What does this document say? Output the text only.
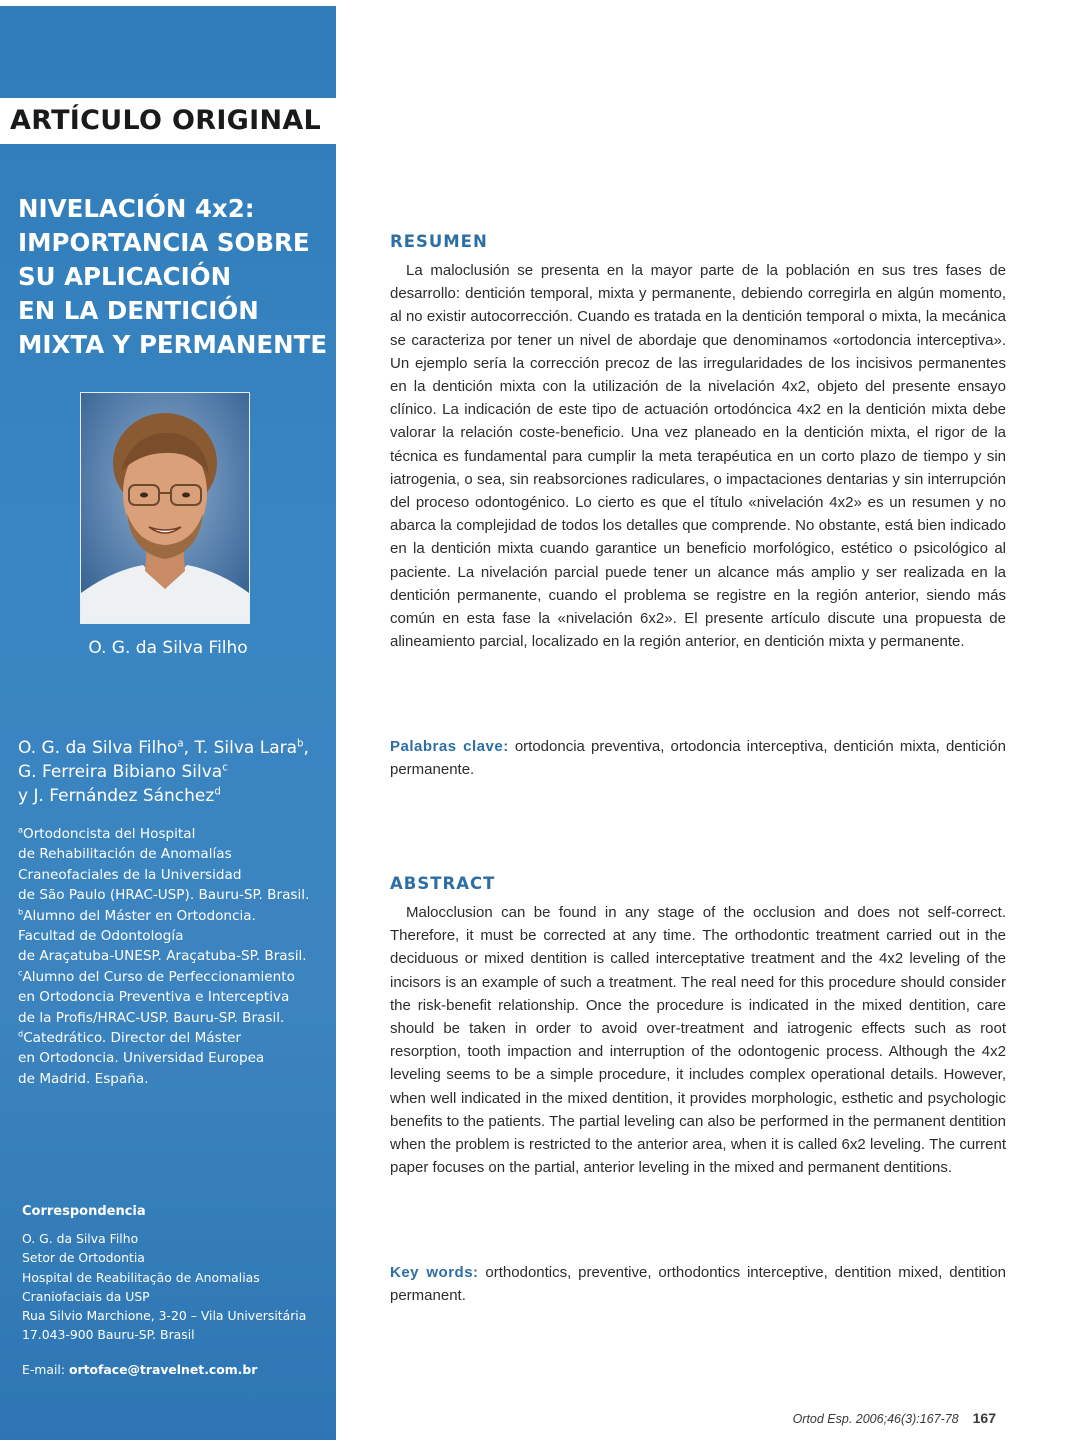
ARTÍCULO ORIGINAL
NIVELACIÓN 4x2:
IMPORTANCIA SOBRE
SU APLICACIÓN
EN LA DENTICIÓN
MIXTA Y PERMANENTE
O. G. da Silva Filho
O. G. da Silva Filho$^a$, T. Silva Lara$^b$,
G. Ferreira Bibiano Silva$^c$
y J. Fernández Sánchez$^d$
$^a$Ortodoncista del Hospital
de Rehabilitación de Anomalías
Craneofaciales de la Universidad
de São Paulo (HRAC-USP). Bauru-SP. Brasil.
$^b$Alumno del Máster en Ortodoncia.
Facultad de Odontología
de Araçatuba-UNESP. Araçatuba-SP. Brasil.
$^c$Alumno del Curso de Perfeccionamiento
en Ortodoncia Preventiva e Interceptiva
de la Profis/HRAC-USP. Bauru-SP. Brasil.
$^d$Catedrático. Director del Máster
en Ortodoncia. Universidad Europea
de Madrid. España.
Correspondencia
O. G. da Silva Filho
Setor de Ortodontia
Hospital de Reabilitação de Anomalias
Craniofaciais da USP
Rua Silvio Marchione, 3-20 – Vila Universitária
17.043-900 Bauru-SP. Brasil
E-mail: ortoface@travelnet.com.br
RESUMEN

La maloclusión se presenta en la mayor parte de la población en sus tres fases de desarrollo: dentición temporal, mixta y permanente, debiendo corregirla en algún momento, al no existir autocorrección. Cuando es tratada en la dentición temporal o mixta, la mecánica se caracteriza por tener un nivel de abordaje que denominamos «ortodoncia interceptiva». Un ejemplo sería la corrección precoz de las irregularidades de los incisivos permanentes en la dentición mixta con la utilización de la nivelación 4x2, objeto del presente ensayo clínico. La indicación de este tipo de actuación ortodóncica 4x2 en la dentición mixta debe valorar la relación coste-beneficio. Una vez planeado en la dentición mixta, el rigor de la técnica es fundamental para cumplir la meta terapéutica en un corto plazo de tiempo y sin iatrogenia, o sea, sin reabsorciones radiculares, o impactaciones dentarias y sin interrupción del proceso odontogénico. Lo cierto es que el título «nivelación 4x2» es un resumen y no abarca la complejidad de todos los detalles que comprende. No obstante, está bien indicado en la dentición mixta cuando garantice un beneficio morfológico, estético o psicológico al paciente. La nivelación parcial puede tener un alcance más amplio y ser realizada en la dentición permanente, cuando el problema se registre en la región anterior, siendo más común en esta fase la «nivelación 6x2». El presente artículo discute una propuesta de alineamiento parcial, localizado en la región anterior, en dentición mixta y permanente.

Palabras clave: ortodoncia preventiva, ortodoncia interceptiva, dentición mixta, dentición permanente.

ABSTRACT

Malocclusion can be found in any stage of the occlusion and does not self-correct. Therefore, it must be corrected at any time. The orthodontic treatment carried out in the deciduous or mixed dentition is called interceptative treatment and the 4x2 leveling of the incisors is an example of such a treatment. The real need for this procedure should consider the risk-benefit relationship. Once the procedure is indicated in the mixed dentition, care should be taken in order to avoid over-treatment and iatrogenic effects such as root resorption, tooth impaction and interruption of the odontogenic process. Although the 4x2 leveling seems to be a simple procedure, it includes complex operational details. However, when well indicated in the mixed dentition, it provides morphologic, esthetic and psychologic benefits to the patients. The partial leveling can also be performed in the permanent dentition when the problem is restricted to the anterior area, when it is called 6x2 leveling. The current paper focuses on the partial, anterior leveling in the mixed and permanent dentitions.

Key words: orthodontics, preventive, orthodontics interceptive, dentition mixed, dentition permanent.

Ortod Esp. 2006;46(3):167-78 167
